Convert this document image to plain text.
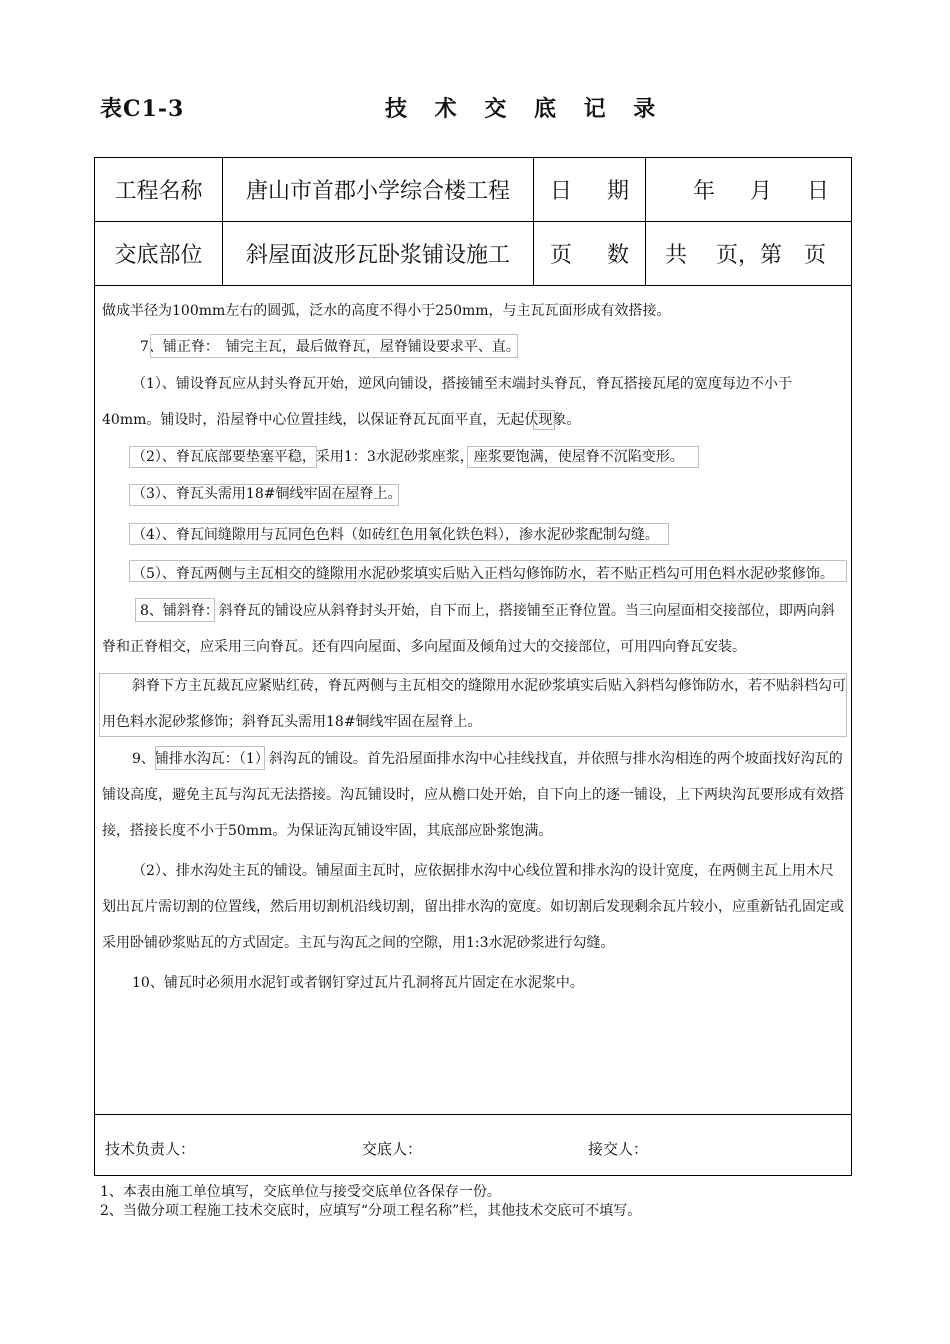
表C1-3	技 术 交 底 记 录
工程名称	唐山市首郡小学综合楼工程	日 期	年 月 日
交底部位	斜屋面波形瓦卧浆铺设施工	页 数 共　 页，第　页
做成半径为100mm左右的圆弧，泛水的高度不得小于250mm，与主瓦瓦面形成有效搭接。
7、铺正脊：　铺完主瓦，最后做脊瓦，屋脊铺设要求平、直。
（1）、铺设脊瓦应从封头脊瓦开始，逆风向铺设，搭接铺至末端封头脊瓦，脊瓦搭接瓦尾的宽度每边不小于40mm。铺设时，沿屋脊中心位置挂线，以保证脊瓦瓦面平直，无起伏现象。
（2）、脊瓦底部要垫塞平稳，采用1：3水泥砂浆座浆，座浆要饱满，使屋脊不沉陷变形。
（3）、脊瓦头需用18#铜线牢固在屋脊上。
（4）、脊瓦间缝隙用与瓦同色色料（如砖红色用氧化铁色料），渗水泥砂浆配制勾缝。
（5）、脊瓦两侧与主瓦相交的缝隙用水泥砂浆填实后贴入正档勾修饰防水，若不贴正档勾可用色料水泥砂浆修饰。
8、铺斜脊：斜脊瓦的铺设应从斜脊封头开始，自下而上，搭接铺至正脊位置。当三向屋面相交接部位，即两向斜脊和正脊相交，应采用三向脊瓦。还有四向屋面、多向屋面及倾角过大的交接部位，可用四向脊瓦安装。
斜脊下方主瓦裁瓦应紧贴红砖，脊瓦两侧与主瓦相交的缝隙用水泥砂浆填实后贴入斜档勾修饰防水，若不贴斜档勾可用色料水泥砂浆修饰；斜脊瓦头需用18#铜线牢固在屋脊上。
9、铺排水沟瓦：（1）斜沟瓦的铺设。首先沿屋面排水沟中心挂线找直，并依照与排水沟相连的两个坡面找好沟瓦的铺设高度，避免主瓦与沟瓦无法搭接。沟瓦铺设时，应从檐口处开始，自下向上的逐一铺设，上下两块沟瓦要形成有效搭接，搭接长度不小于50mm。为保证沟瓦铺设牢固，其底部应卧浆饱满。
（2）、排水沟处主瓦的铺设。铺屋面主瓦时，应依据排水沟中心线位置和排水沟的设计宽度，在两侧主瓦上用木尺划出瓦片需切割的位置线，然后用切割机沿线切割，留出排水沟的宽度。如切割后发现剩余瓦片较小，应重新钻孔固定或采用卧铺砂浆贴瓦的方式固定。主瓦与沟瓦之间的空隙，用1:3水泥砂浆进行勾缝。
10、铺瓦时必须用水泥钉或者钢钉穿过瓦片孔洞将瓦片固定在水泥浆中。
技术负责人：	交底人：	接交人：
1、本表由施工单位填写，交底单位与接受交底单位各保存一份。
2、当做分项工程施工技术交底时，应填写“分项工程名称”栏，其他技术交底可不填写。
